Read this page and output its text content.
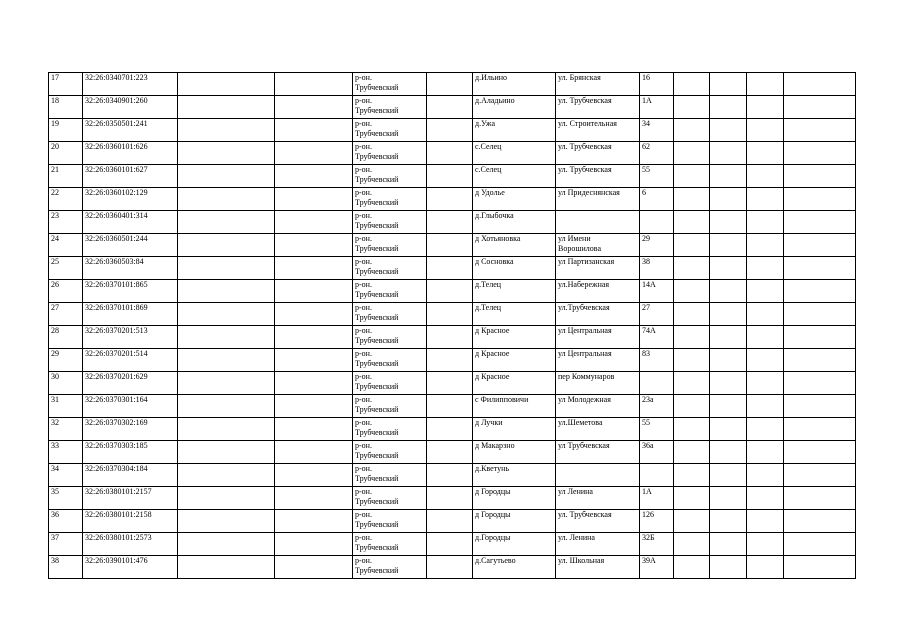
17	32:26:0340701:223			р-он.
Трубчевский		д.Ильино	ул. Брянская	16				
18	32:26:0340901:260			р-он.
Трубчевский		д.Аладьино	ул. Трубчевская	1А				
19	32:26:0350501:241			р-он.
Трубчевский		д.Ужа	ул. Строительная	34				
20	32:26:0360101:626			р-он.
Трубчевский		с.Селец	ул. Трубчевская	62				
21	32:26:0360101:627			р-он.
Трубчевский		с.Селец	ул. Трубчевская	55				
22	32:26:0360102:129			р-он.
Трубчевский		д Удолье	ул Придеснянская	6				
23	32:26:0360401:314			р-он.
Трубчевский		д.Глыбочка						
24	32:26:0360501:244			р-он.
Трубчевский		д Хотьяновка	ул Имени
Ворошилова	29				
25	32:26:0360503:84			р-он.
Трубчевский		д Сосновка	ул Партизанская	38				
26	32:26:0370101:865			р-он.
Трубчевский		д.Телец	ул.Набережная	14А				
27	32:26:0370101:869			р-он.
Трубчевский		д.Телец	ул.Трубчевская	27				
28	32:26:0370201:513			р-он.
Трубчевский		д Красное	ул Центральная	74А				
29	32:26:0370201:514			р-он.
Трубчевский		д Красное	ул Центральная	83				
30	32:26:0370201:629			р-он.
Трубчевский		д Красное	пер Коммунаров					
31	32:26:0370301:164			р-он.
Трубчевский		с Филипповичи	ул Молодежная	23а				
32	32:26:0370302:169			р-он.
Трубчевский		д Лучки	ул.Шеметова	55				
33	32:26:0370303:185			р-он.
Трубчевский		д Макарзно	ул Трубчевская	36а				
34	32:26:0370304:184			р-он.
Трубчевский		д.Кветунь						
35	32:26:0380101:2157			р-он.
Трубчевский		д Городцы	ул Ленина	1А				
36	32:26:0380101:2158			р-он.
Трубчевский		д Городцы	ул. Трубчевская	126				
37	32:26:0380101:2573			р-он.
Трубчевский		д.Городцы	ул. Ленина	32Б				
38	32:26:0390101:476			р-он.
Трубчевский		д.Сагутьево	ул. Школьная	39А				
